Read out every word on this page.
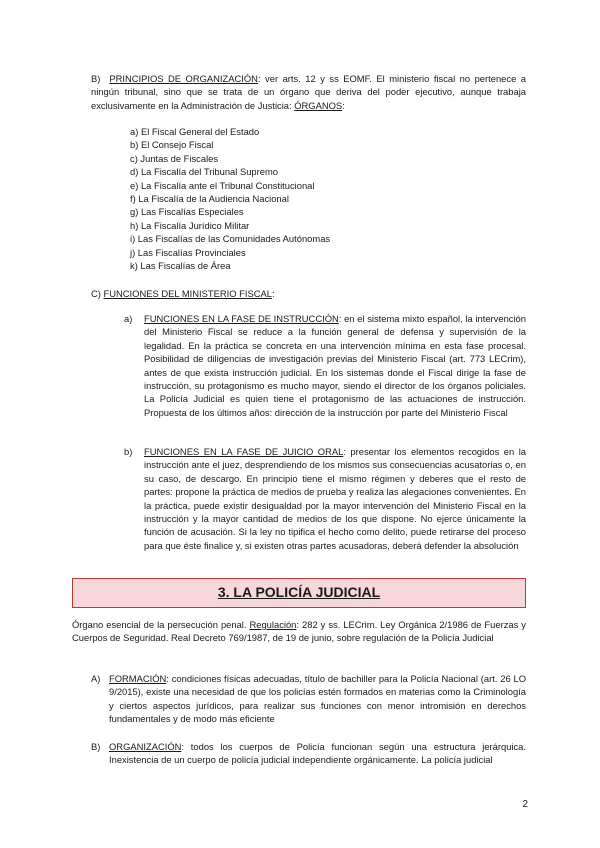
B) PRINCIPIOS DE ORGANIZACIÓN: ver arts. 12 y ss EOMF. El ministerio fiscal no pertenece a ningún tribunal, sino que se trata de un órgano que deriva del poder ejecutivo, aunque trabaja exclusivamente en la Administración de Justicia: ÓRGANOS:
a) El Fiscal General del Estado
b) El Consejo Fiscal
c) Juntas de Fiscales
d) La Fiscalía del Tribunal Supremo
e) La Fiscalía ante el Tribunal Constitucional
f) La Fiscalía de la Audiencia Nacional
g) Las Fiscalías Especiales
h) La Fiscalía Jurídico Militar
i) Las Fiscalías de las Comunidades Autónomas
j) Las Fiscalías Provinciales
k) Las Fiscalías de Área
C) FUNCIONES DEL MINISTERIO FISCAL:
a) FUNCIONES EN LA FASE DE INSTRUCCIÓN: en el sistema mixto español, la intervención del Ministerio Fiscal se reduce a la función general de defensa y supervisión de la legalidad. En la práctica se concreta en una intervención mínima en esta fase procesal. Posibilidad de diligencias de investigación previas del Ministerio Fiscal (art. 773 LECrim), antes de que exista instrucción judicial. En los sistemas donde el Fiscal dirige la fase de instrucción, su protagonismo es mucho mayor, siendo el director de los órganos policiales. La Policía Judicial es quien tiene el protagonismo de las actuaciones de instrucción. Propuesta de los últimos años: dirección de la instrucción por parte del Ministerio Fiscal
b) FUNCIONES EN LA FASE DE JUICIO ORAL: presentar los elementos recogidos en la instrucción ante el juez, desprendiendo de los mismos sus consecuencias acusatorias o, en su caso, de descargo. En principio tiene el mismo régimen y deberes que el resto de partes: propone la práctica de medios de prueba y realiza las alegaciones convenientes. En la práctica, puede existir desigualdad por la mayor intervención del Ministerio Fiscal en la instrucción y la mayor cantidad de medios de los que dispone. No ejerce únicamente la función de acusación. Si la ley no tipifica el hecho como delito, puede retirarse del proceso para que éste finalice y, si existen otras partes acusadoras, deberá defender la absolución
3. LA POLICÍA JUDICIAL
Órgano esencial de la persecución penal. Regulación: 282 y ss. LECrim. Ley Orgánica 2/1986 de Fuerzas y Cuerpos de Seguridad. Real Decreto 769/1987, de 19 de junio, sobre regulación de la Policía Judicial
A) FORMACIÓN: condiciones físicas adecuadas, título de bachiller para la Policía Nacional (art. 26 LO 9/2015), existe una necesidad de que los policías estén formados en materias como la Criminología y ciertos aspectos jurídicos, para realizar sus funciones con menor intromisión en derechos fundamentales y de modo más eficiente
B) ORGANIZACIÓN: todos los cuerpos de Policía funcionan según una estructura jerárquica. Inexistencia de un cuerpo de policía judicial independiente orgánicamente. La policía judicial
2
